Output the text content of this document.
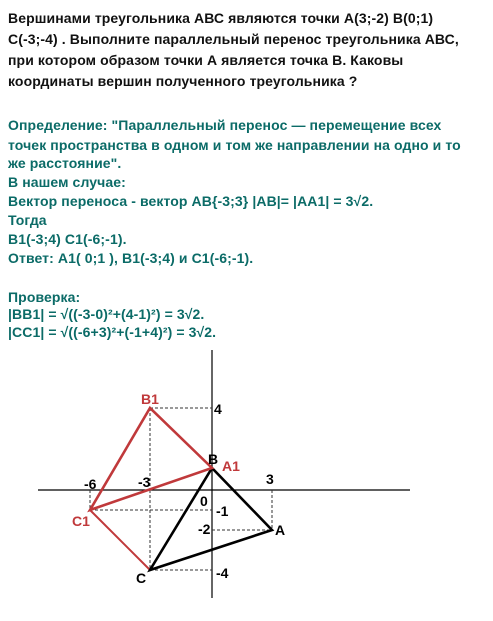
Вершинами треугольника АВС являются точки А(3;-2) В(0;1)
С(-3;-4) . Выполните параллельный перенос треугольника АВС,
при котором образом точки А является точка В. Каковы
координаты вершин полученного треугольника ?
Определение: "Параллельный перенос — перемещение всех
точек пространства в одном и том же направлении на одно и то
же расстояние".
В нашем случае:
Вектор переноса - вектор АВ{-3;3} |АВ|= |АА1| = 3√2.
Тогда
В1(-3;4) С1(-6;-1).
Ответ: А1( 0;1 ), В1(-3;4) и С1(-6;-1).
Проверка:
|ВВ1| = √((-3-0)²+(4-1)²) = 3√2.
|СС1| = √((-6+3)²+(-1+4)²) = 3√2.
B1
B A1
A
C
C1
0
-6	-3	3
4
-1
-2
-4
